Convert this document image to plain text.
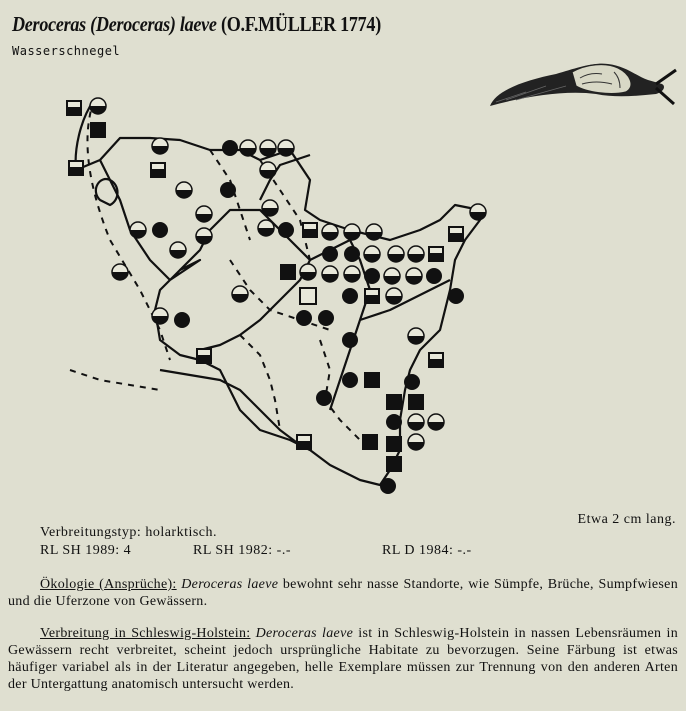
Deroceras (Deroceras) laeve (O.F.MÜLLER 1774)
Wasserschnegel
Etwa 2 cm lang.
Verbreitungstyp: holarktisch.
RL SH 1989: 4	RL SH 1982: -.-	RL D 1984: -.-
Ökologie (Ansprüche): Deroceras laeve bewohnt sehr nasse Standorte, wie Sümpfe, Brüche, Sumpfwiesen und die Uferzone von Gewässern.
Verbreitung in Schleswig-Holstein: Deroceras laeve ist in Schleswig-Holstein in nassen Lebensräumen in Gewässern recht verbreitet, scheint jedoch ursprüngliche Habitate zu bevorzugen. Seine Färbung ist etwas häufiger variabel als in der Literatur angegeben, helle Exemplare müssen zur Trennung von den anderen Arten der Untergattung anatomisch untersucht werden.
